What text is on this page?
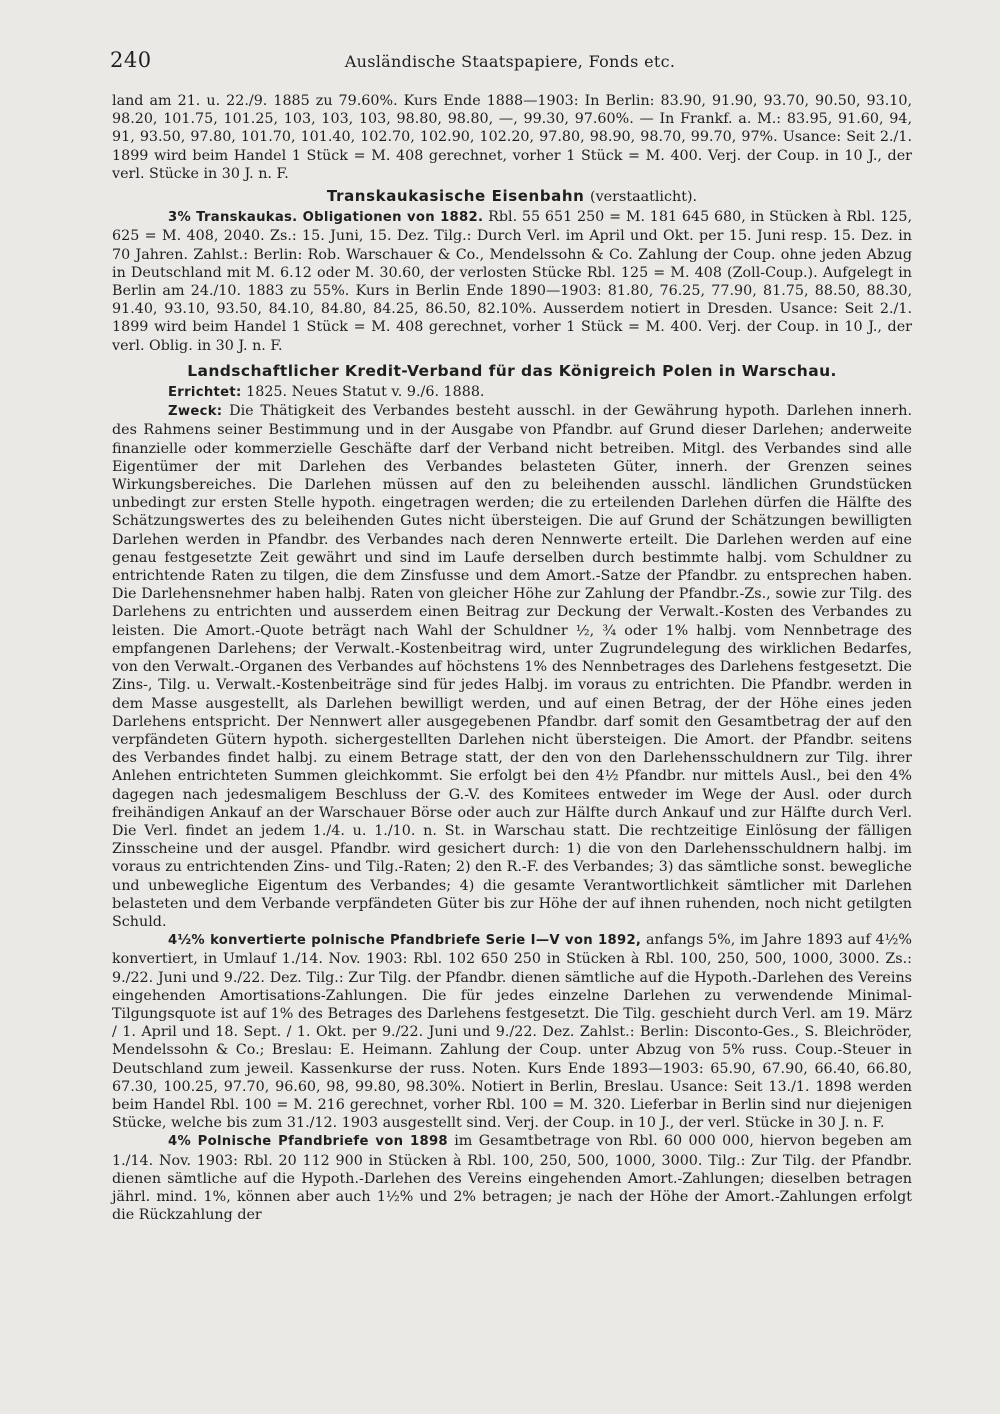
240	Ausländische Staatspapiere, Fonds etc.

land am 21. u. 22./9. 1885 zu 79.60%. Kurs Ende 1888—1903: In Berlin: 83.90, 91.90, 93.70, 90.50, 93.10, 98.20, 101.75, 101.25, 103, 103, 103, 98.80, 98.80, —, 99.30, 97.60%. — In Frankf. a. M.: 83.95, 91.60, 94, 91, 93.50, 97.80, 101.70, 101.40, 102.70, 102.90, 102.20, 97.80, 98.90, 98.70, 99.70, 97%. Usance: Seit 2./1. 1899 wird beim Handel 1 Stück = M. 408 gerechnet, vorher 1 Stück = M. 400. Verj. der Coup. in 10 J., der verl. Stücke in 30 J. n. F.

Transkaukasische Eisenbahn (verstaatlicht).

3% Transkaukas. Obligationen von 1882. Rbl. 55 651 250 = M. 181 645 680, in Stücken à Rbl. 125, 625 = M. 408, 2040. Zs.: 15. Juni, 15. Dez. Tilg.: Durch Verl. im April und Okt. per 15. Juni resp. 15. Dez. in 70 Jahren. Zahlst.: Berlin: Rob. Warschauer & Co., Mendelssohn & Co. Zahlung der Coup. ohne jeden Abzug in Deutschland mit M. 6.12 oder M. 30.60, der verlosten Stücke Rbl. 125 = M. 408 (Zoll-Coup.). Aufgelegt in Berlin am 24./10. 1883 zu 55%. Kurs in Berlin Ende 1890—1903: 81.80, 76.25, 77.90, 81.75, 88.50, 88.30, 91.40, 93.10, 93.50, 84.10, 84.80, 84.25, 86.50, 82.10%. Ausserdem notiert in Dresden. Usance: Seit 2./1. 1899 wird beim Handel 1 Stück = M. 408 gerechnet, vorher 1 Stück = M. 400. Verj. der Coup. in 10 J., der verl. Oblig. in 30 J. n. F.

Landschaftlicher Kredit-Verband für das Königreich Polen in Warschau.

Errichtet: 1825. Neues Statut v. 9./6. 1888.

Zweck: Die Thätigkeit des Verbandes besteht ausschl. in der Gewährung hypoth. Darlehen innerh. des Rahmens seiner Bestimmung und in der Ausgabe von Pfandbr. auf Grund dieser Darlehen; anderweite finanzielle oder kommerzielle Geschäfte darf der Verband nicht betreiben. Mitgl. des Verbandes sind alle Eigentümer der mit Darlehen des Verbandes belasteten Güter, innerh. der Grenzen seines Wirkungsbereiches. Die Darlehen müssen auf den zu beleihenden ausschl. ländlichen Grundstücken unbedingt zur ersten Stelle hypoth. eingetragen werden; die zu erteilenden Darlehen dürfen die Hälfte des Schätzungswertes des zu beleihenden Gutes nicht übersteigen. Die auf Grund der Schätzungen bewilligten Darlehen werden in Pfandbr. des Verbandes nach deren Nennwerte erteilt. Die Darlehen werden auf eine genau festgesetzte Zeit gewährt und sind im Laufe derselben durch bestimmte halbj. vom Schuldner zu entrichtende Raten zu tilgen, die dem Zinsfusse und dem Amort.-Satze der Pfandbr. zu entsprechen haben. Die Darlehensnehmer haben halbj. Raten von gleicher Höhe zur Zahlung der Pfandbr.-Zs., sowie zur Tilg. des Darlehens zu entrichten und ausserdem einen Beitrag zur Deckung der Verwalt.-Kosten des Verbandes zu leisten. Die Amort.-Quote beträgt nach Wahl der Schuldner ½, ¾ oder 1% halbj. vom Nennbetrage des empfangenen Darlehens; der Verwalt.-Kostenbeitrag wird, unter Zugrundelegung des wirklichen Bedarfes, von den Verwalt.-Organen des Verbandes auf höchstens 1% des Nennbetrages des Darlehens festgesetzt. Die Zins-, Tilg. u. Verwalt.-Kostenbeiträge sind für jedes Halbj. im voraus zu entrichten. Die Pfandbr. werden in dem Masse ausgestellt, als Darlehen bewilligt werden, und auf einen Betrag, der der Höhe eines jeden Darlehens entspricht. Der Nennwert aller ausgegebenen Pfandbr. darf somit den Gesamtbetrag der auf den verpfändeten Gütern hypoth. sichergestellten Darlehen nicht übersteigen. Die Amort. der Pfandbr. seitens des Verbandes findet halbj. zu einem Betrage statt, der den von den Darlehensschuldnern zur Tilg. ihrer Anlehen entrichteten Summen gleichkommt. Sie erfolgt bei den 4½ Pfandbr. nur mittels Ausl., bei den 4% dagegen nach jedesmaligem Beschluss der G.-V. des Komitees entweder im Wege der Ausl. oder durch freihändigen Ankauf an der Warschauer Börse oder auch zur Hälfte durch Ankauf und zur Hälfte durch Verl. Die Verl. findet an jedem 1./4. u. 1./10. n. St. in Warschau statt. Die rechtzeitige Einlösung der fälligen Zinsscheine und der ausgel. Pfandbr. wird gesichert durch: 1) die von den Darlehensschuldnern halbj. im voraus zu entrichtenden Zins- und Tilg.-Raten; 2) den R.-F. des Verbandes; 3) das sämtliche sonst. bewegliche und unbewegliche Eigentum des Verbandes; 4) die gesamte Verantwortlichkeit sämtlicher mit Darlehen belasteten und dem Verbande verpfändeten Güter bis zur Höhe der auf ihnen ruhenden, noch nicht getilgten Schuld.

4½% konvertierte polnische Pfandbriefe Serie I—V von 1892, anfangs 5%, im Jahre 1893 auf 4½% konvertiert, in Umlauf 1./14. Nov. 1903: Rbl. 102 650 250 in Stücken à Rbl. 100, 250, 500, 1000, 3000. Zs.: 9./22. Juni und 9./22. Dez. Tilg.: Zur Tilg. der Pfandbr. dienen sämtliche auf die Hypoth.-Darlehen des Vereins eingehenden Amortisations-Zahlungen. Die für jedes einzelne Darlehen zu verwendende Minimal-Tilgungsquote ist auf 1% des Betrages des Darlehens festgesetzt. Die Tilg. geschieht durch Verl. am 19. März / 1. April und 18. Sept. / 1. Okt. per 9./22. Juni und 9./22. Dez. Zahlst.: Berlin: Disconto-Ges., S. Bleichröder, Mendelssohn & Co.; Breslau: E. Heimann. Zahlung der Coup. unter Abzug von 5% russ. Coup.-Steuer in Deutschland zum jeweil. Kassenkurse der russ. Noten. Kurs Ende 1893—1903: 65.90, 67.90, 66.40, 66.80, 67.30, 100.25, 97.70, 96.60, 98, 99.80, 98.30%. Notiert in Berlin, Breslau. Usance: Seit 13./1. 1898 werden beim Handel Rbl. 100 = M. 216 gerechnet, vorher Rbl. 100 = M. 320. Lieferbar in Berlin sind nur diejenigen Stücke, welche bis zum 31./12. 1903 ausgestellt sind. Verj. der Coup. in 10 J., der verl. Stücke in 30 J. n. F.

4% Polnische Pfandbriefe von 1898 im Gesamtbetrage von Rbl. 60 000 000, hiervon begeben am 1./14. Nov. 1903: Rbl. 20 112 900 in Stücken à Rbl. 100, 250, 500, 1000, 3000. Tilg.: Zur Tilg. der Pfandbr. dienen sämtliche auf die Hypoth.-Darlehen des Vereins eingehenden Amort.-Zahlungen; dieselben betragen jährl. mind. 1%, können aber auch 1½% und 2% betragen; je nach der Höhe der Amort.-Zahlungen erfolgt die Rückzahlung der
